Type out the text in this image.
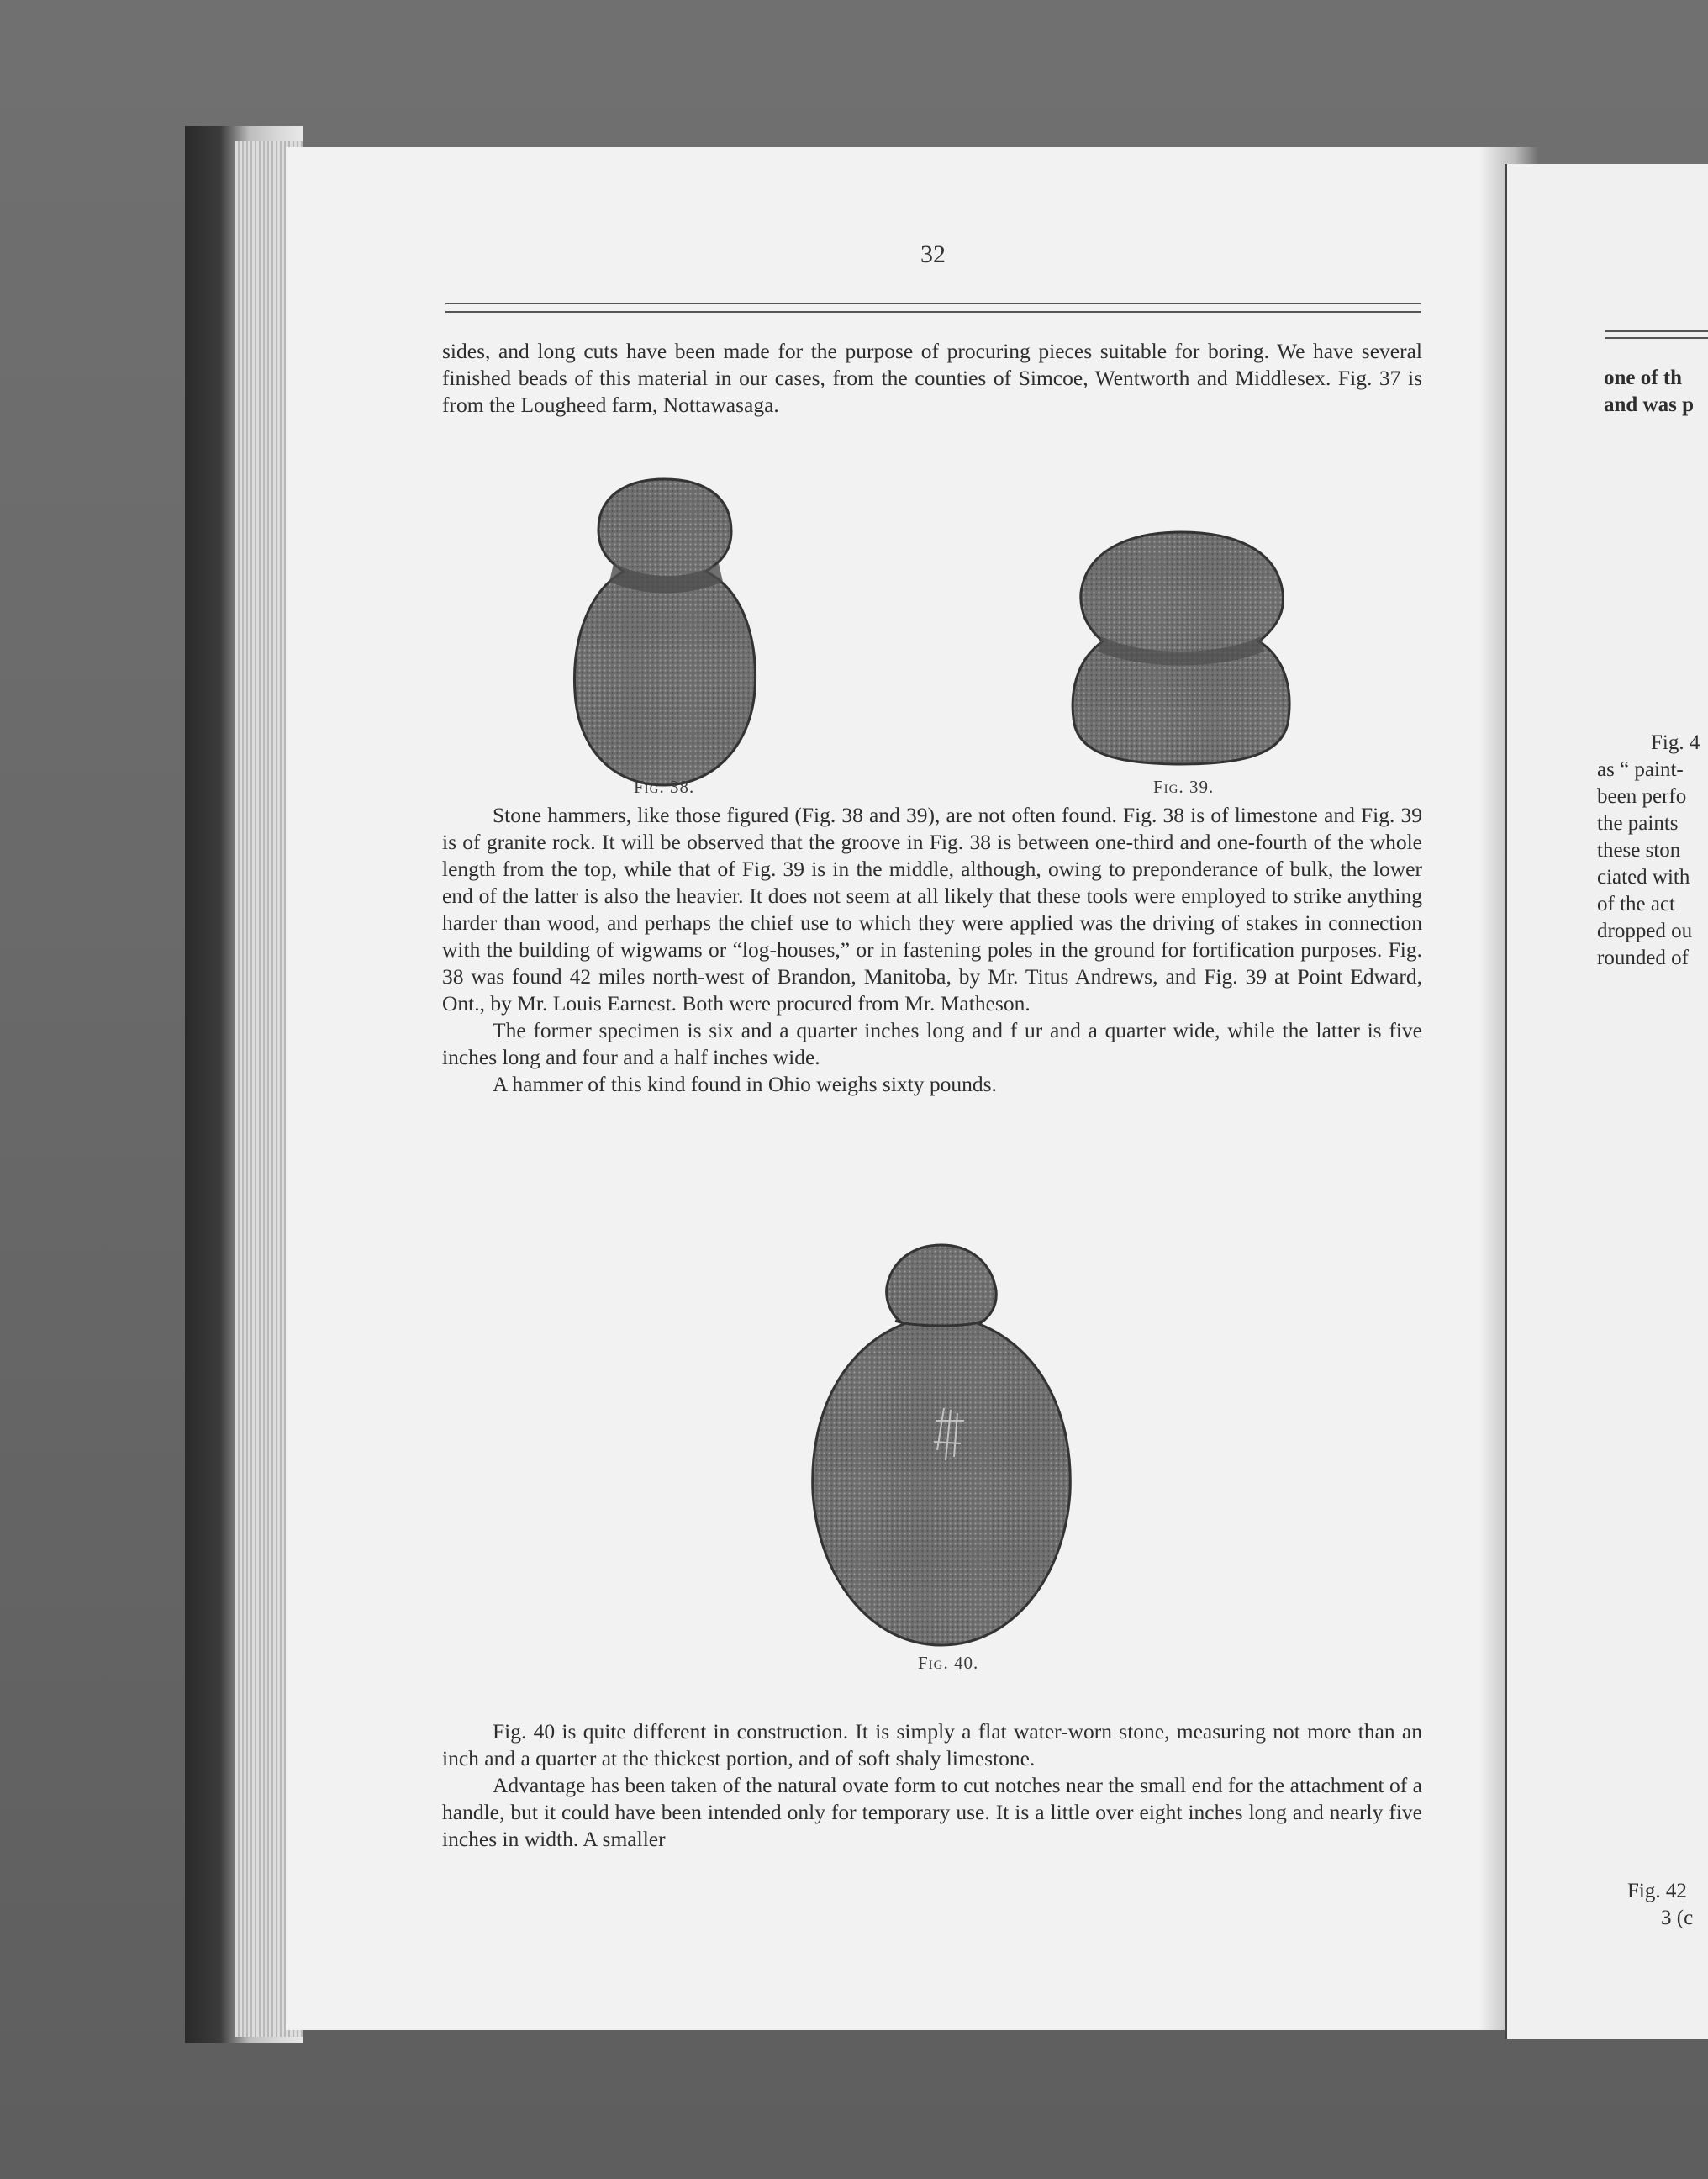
32

sides, and long cuts have been made for the purpose of procuring pieces suitable for boring. We have several finished beads of this material in our cases, from the counties of Simcoe, Wentworth and Middlesex. Fig. 37 is from the Lougheed farm, Nottawasaga.

Fig. 38.	Fig. 39.

Stone hammers, like those figured (Fig. 38 and 39), are not often found. Fig. 38 is of limestone and Fig. 39 is of granite rock. It will be observed that the groove in Fig. 38 is between one-third and one-fourth of the whole length from the top, while that of Fig. 39 is in the middle, although, owing to preponderance of bulk, the lower end of the latter is also the heavier. It does not seem at all likely that these tools were employed to strike anything harder than wood, and perhaps the chief use to which they were applied was the driving of stakes in connection with the building of wigwams or “log-houses,” or in fastening poles in the ground for fortification purposes. Fig. 38 was found 42 miles north-west of Brandon, Manitoba, by Mr. Titus Andrews, and Fig. 39 at Point Edward, Ont., by Mr. Louis Earnest. Both were procured from Mr. Matheson.

The former specimen is six and a quarter inches long and f ur and a quarter wide, while the latter is five inches long and four and a half inches wide.

A hammer of this kind found in Ohio weighs sixty pounds.

Fig. 40.

Fig. 40 is quite different in construction. It is simply a flat water-worn stone, measuring not more than an inch and a quarter at the thickest portion, and of soft shaly limestone.

Advantage has been taken of the natural ovate form to cut notches near the small end for the attachment of a handle, but it could have been intended only for temporary use. It is a little over eight inches long and nearly five inches in width. A smaller

one of th
and was p
Fig. 4
as “ paint-
been perfo
the paints
these ston
ciated with
of the act
dropped ou
rounded of
Fig. 42
3 (c
